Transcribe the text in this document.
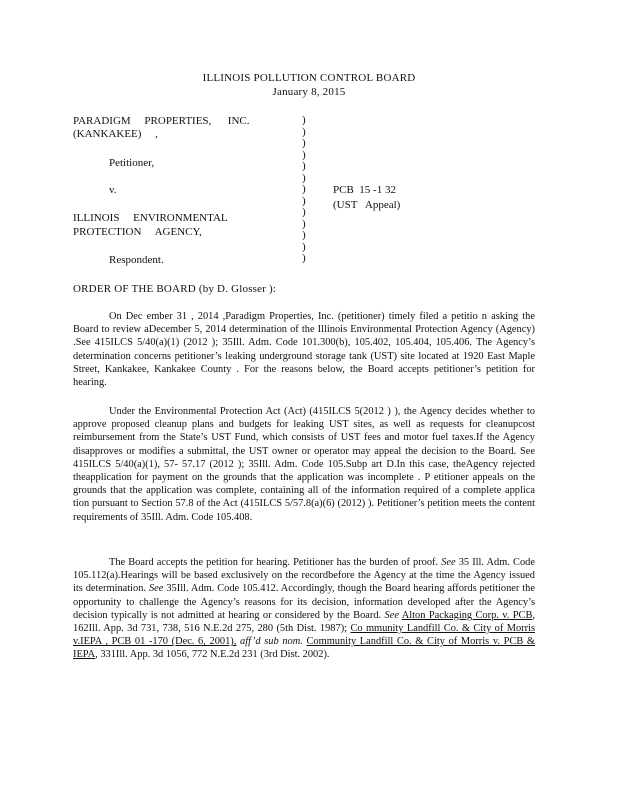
ILLINOIS POLLUTION CONTROL BOARD
January 8, 2015
PARADIGM     PROPERTIES,      INC.
(KANKAKEE)     ,
Petitioner,
v.
ILLINOIS     ENVIRONMENTAL
PROTECTION     AGENCY,
Respondent.
PCB  15 -1 32
(UST   Appeal)
)
)
)
)
)
)
)
)
)
)
)
)
)
ORDER OF THE BOARD (by D. Glosser ):
On Dec ember 31 , 2014 ,Paradigm Properties, Inc. (petitioner) timely filed a petitio n asking the Board to review aDecember 5, 2014 determination of the Illinois Environmental Protection Agency (Agency) .See 415ILCS 5/40(a)(1) (2012 ); 35Ill. Adm. Code 101.300(b), 105.402, 105.404, 105.406. The Agency’s determination concerns petitioner’s leaking underground storage tank (UST) site located at 1920 East Maple Street, Kankakee, Kankakee County . For the reasons below, the Board accepts petitioner’s petition for hearing.
Under the Environmental Protection Act (Act) (415ILCS 5(2012 ) ), the Agency decides whether to approve proposed cleanup plans and budgets for leaking UST sites, as well as requests for cleanupcost reimbursement from the State’s UST Fund, which consists of UST fees and motor fuel taxes.If the Agency disapproves or modifies a submittal, the UST owner or operator may appeal the decision to the Board. See 415ILCS 5/40(a)(1), 57- 57.17 (2012 ); 35Ill. Adm. Code 105.Subp art D.In this case, theAgency rejected theapplication for payment on the grounds that the application was incomplete . P etitioner appeals on the grounds that the application was complete, containing all of the information required of a complete applica tion pursuant to Section 57.8 of the Act (415ILCS 5/57.8(a)(6) (2012) ). Petitioner’s petition meets the content requirements of 35Ill. Adm. Code 105.408.
The Board accepts the petition for hearing. Petitioner has the burden of proof. See 35 Ill. Adm. Code 105.112(a).Hearings will be based exclusively on the recordbefore the Agency at the time the Agency issued its determination. See 35Ill. Adm. Code 105.412. Accordingly, though the Board hearing affords petitioner the opportunity to challenge the Agency’s reasons for its decision, information developed after the Agency’s decision typically is not admitted at hearing or considered by the Board. See Alton Packaging Corp. v. PCB, 162Ill. App. 3d 731, 738, 516 N.E.2d 275, 280 (5th Dist. 1987); Co mmunity Landfill Co. & City of Morris v.IEPA , PCB 01 -170 (Dec. 6, 2001), aff’d sub nom. Community Landfill Co. & City of Morris v. PCB & IEPA, 331Ill. App. 3d 1056, 772 N.E.2d 231 (3rd Dist. 2002).
